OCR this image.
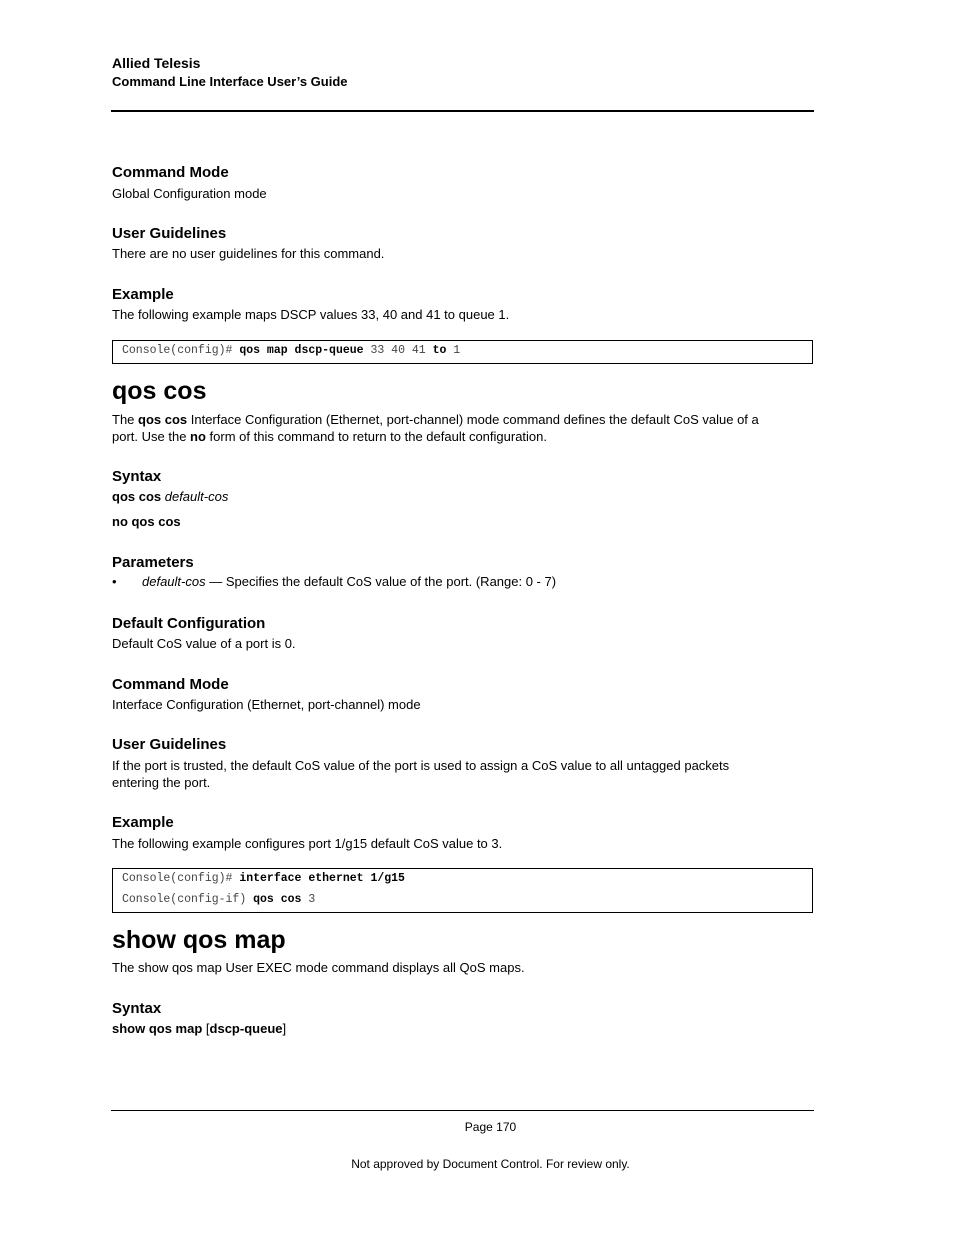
Allied Telesis
Command Line Interface User’s Guide
Command Mode
Global Configuration mode
User Guidelines
There are no user guidelines for this command.
Example
The following example maps DSCP values 33, 40 and 41 to queue 1.
Console(config)# qos map dscp-queue 33 40 41 to 1
qos cos
The qos cos Interface Configuration (Ethernet, port-channel) mode command defines the default CoS value of a
port. Use the no form of this command to return to the default configuration.
Syntax
qos cos default-cos
no qos cos
Parameters
• default-cos — Specifies the default CoS value of the port. (Range: 0 - 7)
Default Configuration
Default CoS value of a port is 0.
Command Mode
Interface Configuration (Ethernet, port-channel) mode
User Guidelines
If the port is trusted, the default CoS value of the port is used to assign a CoS value to all untagged packets
entering the port.
Example
The following example configures port 1/g15 default CoS value to 3.
Console(config)# interface ethernet 1/g15
Console(config-if) qos cos 3
show qos map
The show qos map User EXEC mode command displays all QoS maps.
Syntax
show qos map [dscp-queue]
Page 170
Not approved by Document Control. For review only.
